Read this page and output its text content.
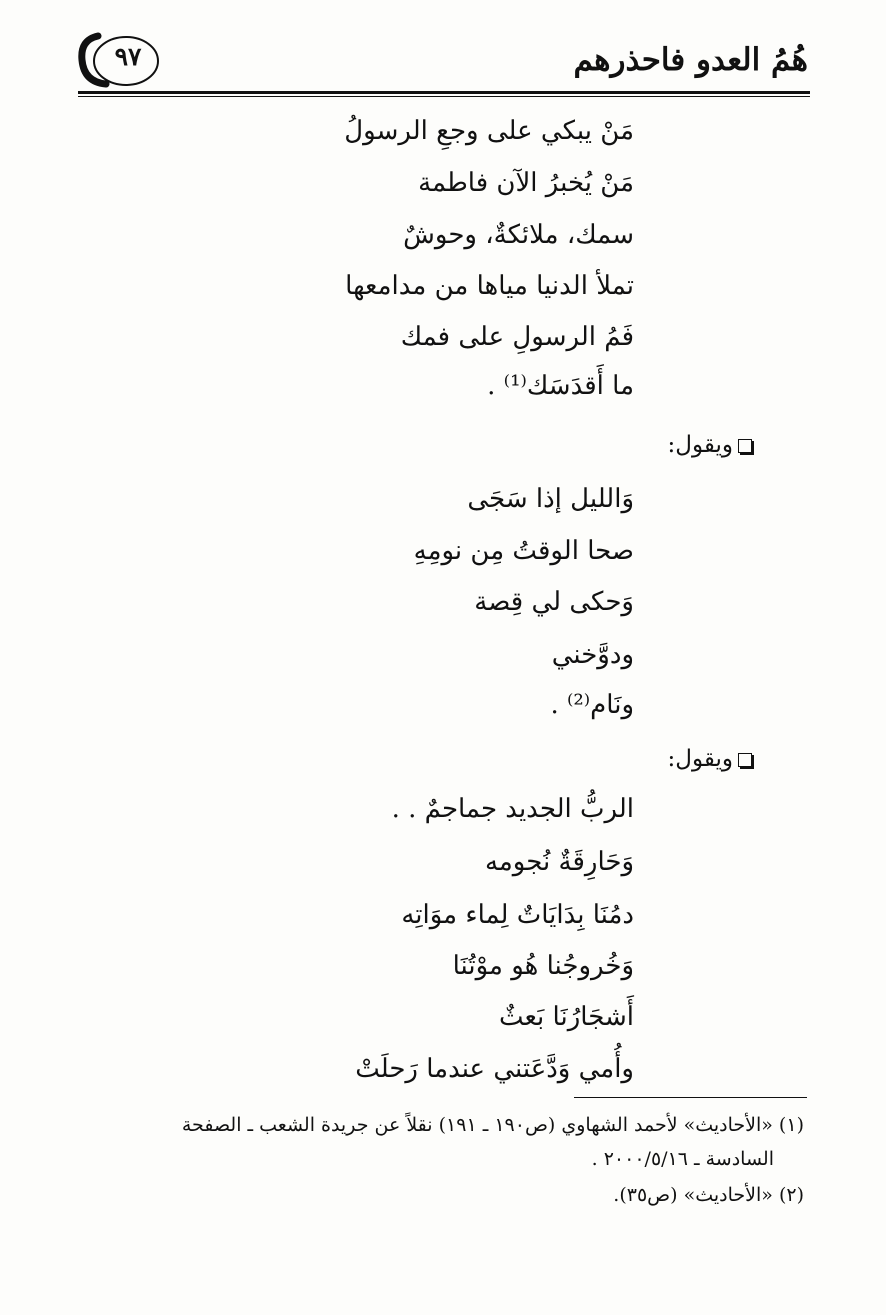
هُمُ العدو فاحذرهم
٩٧
مَنْ يبكي على وجعِ الرسولُ
مَنْ يُخبرُ الآن فاطمة
سمك، ملائكةٌ، وحوشٌ
تملأ الدنيا مياها من مدامعها
فَمُ الرسولِ على فمك
ما أَقدَسَك⁽¹⁾ .
ويقول:
وَالليل إذا سَجَى
صحا الوقتُ مِن نومِهِ
وَحكى لي قِصة
ودوَّخني
ونَام⁽²⁾ .
ويقول:
الربُّ الجديد جماجمٌ . .
وَحَارِقَةٌ نُجومه
دمُنَا بِدَايَاتٌ لِماء موَاتِه
وَخُروجُنا هُو موْتُنَا
أَشجَارُنَا بَعثٌ
وأُمي وَدَّعَتني عندما رَحلَتْ
(١) «الأحاديث» لأحمد الشهاوي (ص١٩٠ ـ ١٩١) نقلاً عن جريدة الشعب ـ الصفحة
السادسة ـ ٢٠٠٠/٥/١٦ .
(٢) «الأحاديث» (ص٣٥).
